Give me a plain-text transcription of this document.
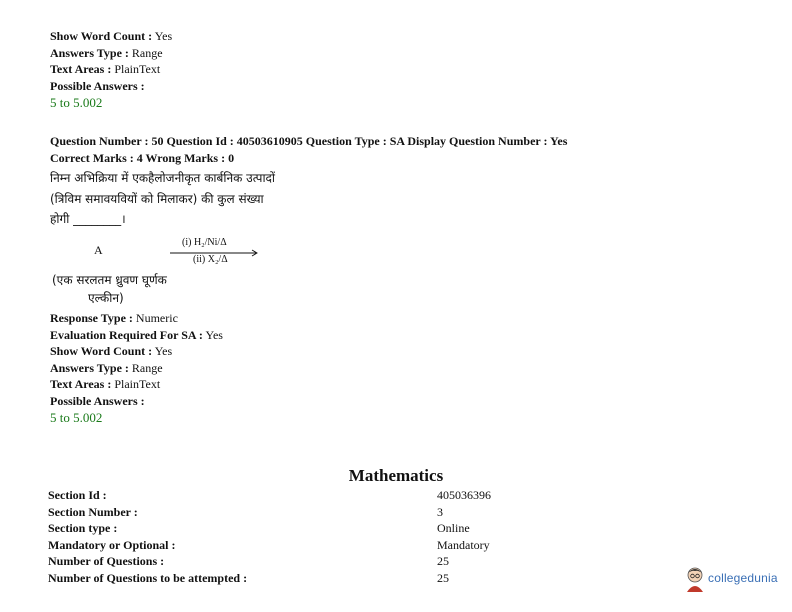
Show Word Count : Yes
Answers Type : Range
Text Areas : PlainText
Possible Answers :
5 to 5.002
Question Number : 50 Question Id : 40503610905 Question Type : SA Display Question Number : Yes
Correct Marks : 4 Wrong Marks : 0
निम्न अभिक्रिया में एकहैलोजनीकृत कार्बनिक उत्पादों
(त्रिविम समावयवियों को मिलाकर) की कुल संख्या
होगी ________।
A
(i) H₂/Ni/Δ
(ii) X₂/Δ
(एक सरलतम ध्रुवण घूर्णक
एल्कीन)
Response Type : Numeric
Evaluation Required For SA : Yes
Show Word Count : Yes
Answers Type : Range
Text Areas : PlainText
Possible Answers :
5 to 5.002
Mathematics
Section Id :	405036396
Section Number :	3
Section type :	Online
Mandatory or Optional :	Mandatory
Number of Questions :	25
Number of Questions to be attempted :	25	collegedunia
